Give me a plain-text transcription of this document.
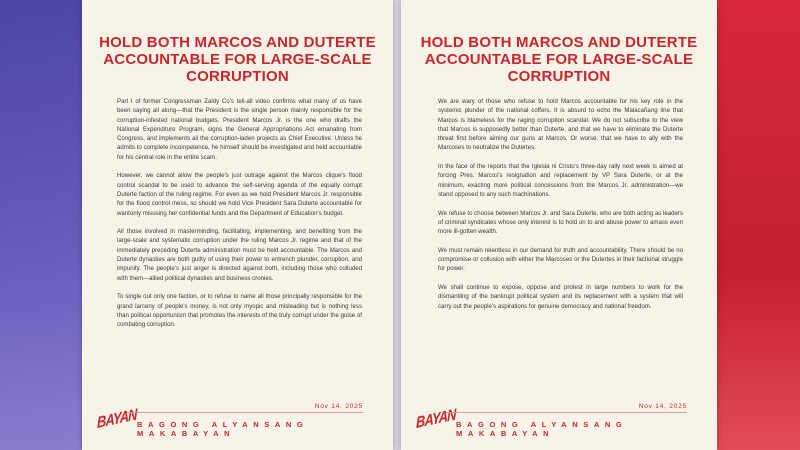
HOLD BOTH MARCOS AND DUTERTE ACCOUNTABLE FOR LARGE-SCALE CORRUPTION

Part I of former Congressman Zaldy Co's tell-all video confirms what many of us have been saying all along—that the President is the single person mainly responsible for the corruption-infested national budgets. President Marcos Jr. is the one who drafts the National Expenditure Program, signs the General Appropriations Act emanating from Congress, and implements all the corruption-laden projects as Chief Executive. Unless he admits to complete incompetence, he himself should be investigated and held accountable for his central role in the entire scam.

However, we cannot allow the people's just outrage against the Marcos clique's flood control scandal to be used to advance the self-serving agenda of the equally corrupt Duterte faction of the ruling regime. For even as we hold President Marcos Jr. responsible for the flood control mess, so should we hold Vice President Sara Duterte accountable for wantonly misusing her confidential funds and the Department of Education's budget.

All those involved in masterminding, facilitating, implementing, and benefiting from the large-scale and systematic corruption under the ruling Marcos Jr. regime and that of the immediately preceding Duterte administration must be held accountable. The Marcos and Duterte dynasties are both guilty of using their power to entrench plunder, corruption, and impunity. The people's just anger is directed against both, including those who colluded with them—allied political dynasties and business cronies.

To single out only one faction, or to refuse to name all those principally responsible for the grand larceny of people's money, is not only myopic and misleading but is nothing less than political opportunism that promotes the interests of the truly corrupt under the guise of combating corruption.

BAYAN
Nov 14, 2025
BAGONG ALYANSANG MAKABAYAN
HOLD BOTH MARCOS AND DUTERTE ACCOUNTABLE FOR LARGE-SCALE CORRUPTION

We are wary of those who refuse to hold Marcos accountable for his key role in the systemic plunder of the national coffers. It is absurd to echo the Malacañang line that Marcos is blameless for the raging corruption scandal. We do not subscribe to the view that Marcos is supposedly better than Duterte, and that we have to eliminate the Duterte threat first before aiming our guns at Marcos. Or worse, that we have to ally with the Marcoses to neutralize the Dutertes.

In the face of the reports that the Iglesia ni Cristo's three-day rally next week is aimed at forcing Pres. Marcos's resignation and replacement by VP Sara Duterte, or at the minimum, exacting more political concessions from the Marcos Jr. administration—we stand opposed to any such machinations.

We refuse to choose between Marcos Jr. and Sara Duterte, who are both acting as leaders of criminal syndicates whose only interest is to hold on to and abuse power to amass even more ill-gotten wealth.

We must remain relentless in our demand for truth and accountability. There should be no compromise or collusion with either the Marcoses or the Dutertes in their factional struggle for power.

We shall continue to expose, oppose and protest in large numbers to work for the dismantling of the bankrupt political system and its replacement with a system that will carry out the people's aspirations for genuine democracy and national freedom.

BAYAN
Nov 14, 2025
BAGONG ALYANSANG MAKABAYAN
